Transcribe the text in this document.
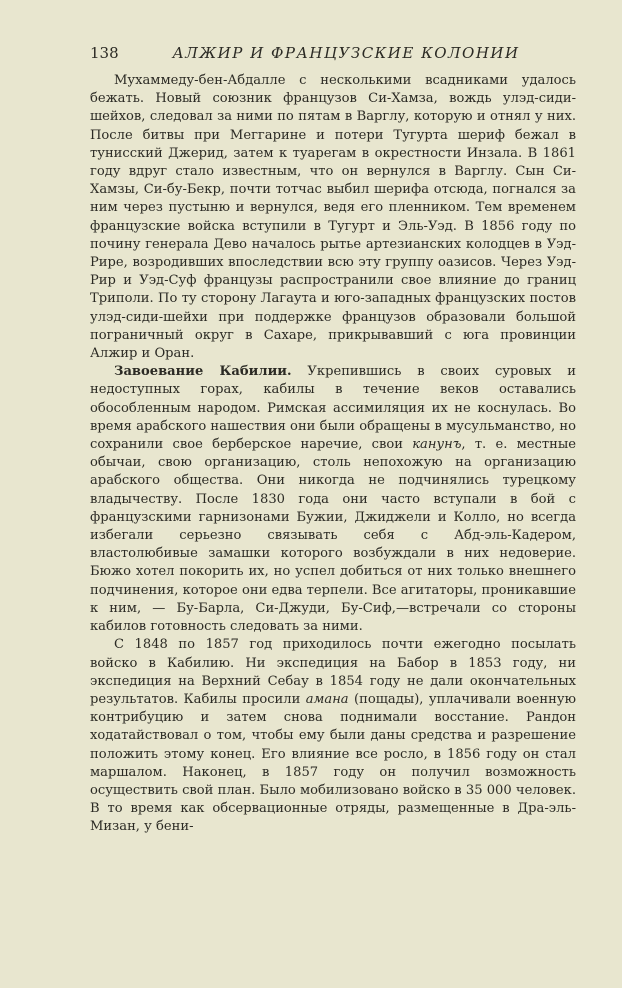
138	АЛЖИР И ФРАНЦУЗСКИЕ КОЛОНИИ

Мухаммеду-бен-Абдалле с несколькими всадниками удалось бежать. Новый союзник французов Си-Хамза, вождь улэд-сиди-шейхов, следовал за ними по пятам в Варглу, которую и отнял у них. После битвы при Меггарине и потери Тугурта шериф бежал в тунисский Джерид, затем к туарегам в окрестности Инзала. В 1861 году вдруг стало известным, что он вернулся в Варглу. Сын Си-Хамзы, Си-бу-Бекр, почти тотчас выбил шерифа отсюда, погнался за ним через пустыню и вернулся, ведя его пленником. Тем временем французские войска вступили в Тугурт и Эль-Уэд. В 1856 году по почину генерала Дево началось рытье артезианских колодцев в Уэд-Рире, возродивших впоследствии всю эту группу оазисов. Через Уэд-Рир и Уэд-Суф французы распространили свое влияние до границ Триполи. По ту сторону Лагаута и юго-западных французских постов улэд-сиди-шейхи при поддержке французов образовали большой пограничный округ в Сахаре, прикрывавший с юга провинции Алжир и Оран.

Завоевание Кабилии. Укрепившись в своих суровых и недоступных горах, кабилы в течение веков оставались обособленным народом. Римская ассимиляция их не коснулась. Во время арабского нашествия они были обращены в мусульманство, но сохранили свое берберское наречие, свои канунъ, т. е. местные обычаи, свою организацию, столь непохожую на организацию арабского общества. Они никогда не подчинялись турецкому владычеству. После 1830 года они часто вступали в бой с французскими гарнизонами Бужии, Джиджели и Колло, но всегда избегали серьезно связывать себя с Абд-эль-Кадером, властолюбивые замашки которого возбуждали в них недоверие. Бюжо хотел покорить их, но успел добиться от них только внешнего подчинения, которое они едва терпели. Все агитаторы, проникавшие к ним, — Бу-Барла, Си-Джуди, Бу-Сиф,—встречали со стороны кабилов готовность следовать за ними.

С 1848 по 1857 год приходилось почти ежегодно посылать войско в Кабилию. Ни экспедиция на Бабор в 1853 году, ни экспедиция на Верхний Себау в 1854 году не дали окончательных результатов. Кабилы просили амана (пощады), уплачивали военную контрибуцию и затем снова поднимали восстание. Рандон ходатайствовал о том, чтобы ему были даны средства и разрешение положить этому конец. Его влияние все росло, в 1856 году он стал маршалом. Наконец, в 1857 году он получил возможность осуществить свой план. Было мобилизовано войско в 35 000 человек. В то время как обсервационные отряды, размещенные в Дра-эль-Мизан, у бени-
